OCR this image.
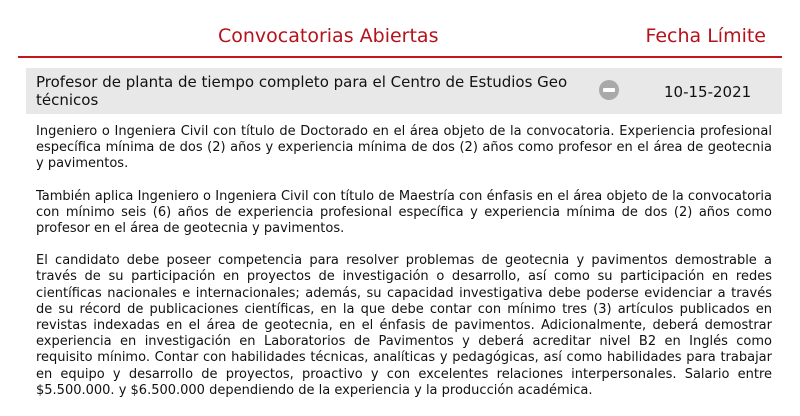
Convocatorias Abiertas	Fecha Límite
Profesor de planta de tiempo completo para el Centro de Estudios Geotécnicos	10-15-2021

Ingeniero o Ingeniera Civil con título de Doctorado en el área objeto de la convocatoria. Experiencia profesional específica mínima de dos (2) años y experiencia mínima de dos (2) años como profesor en el área de geotecnia y pavimentos.

También aplica Ingeniero o Ingeniera Civil con título de Maestría con énfasis en el área objeto de la convocatoria con mínimo seis (6) años de experiencia profesional específica y experiencia mínima de dos (2) años como profesor en el área de geotecnia y pavimentos.

El candidato debe poseer competencia para resolver problemas de geotecnia y pavimentos demostrable a través de su participación en proyectos de investigación o desarrollo, así como su participación en redes científicas nacionales e internacionales; además, su capacidad investigativa debe poderse evidenciar a través de su récord de publicaciones científicas, en la que debe contar con mínimo tres (3) artículos publicados en revistas indexadas en el área de geotecnia, en el énfasis de pavimentos. Adicionalmente, deberá demostrar experiencia en investigación en Laboratorios de Pavimentos y deberá acreditar nivel B2 en Inglés como requisito mínimo. Contar con habilidades técnicas, analíticas y pedagógicas, así como habilidades para trabajar en equipo y desarrollo de proyectos, proactivo y con excelentes relaciones interpersonales. Salario entre $5.500.000. y $6.500.000 dependiendo de la experiencia y la producción académica.
